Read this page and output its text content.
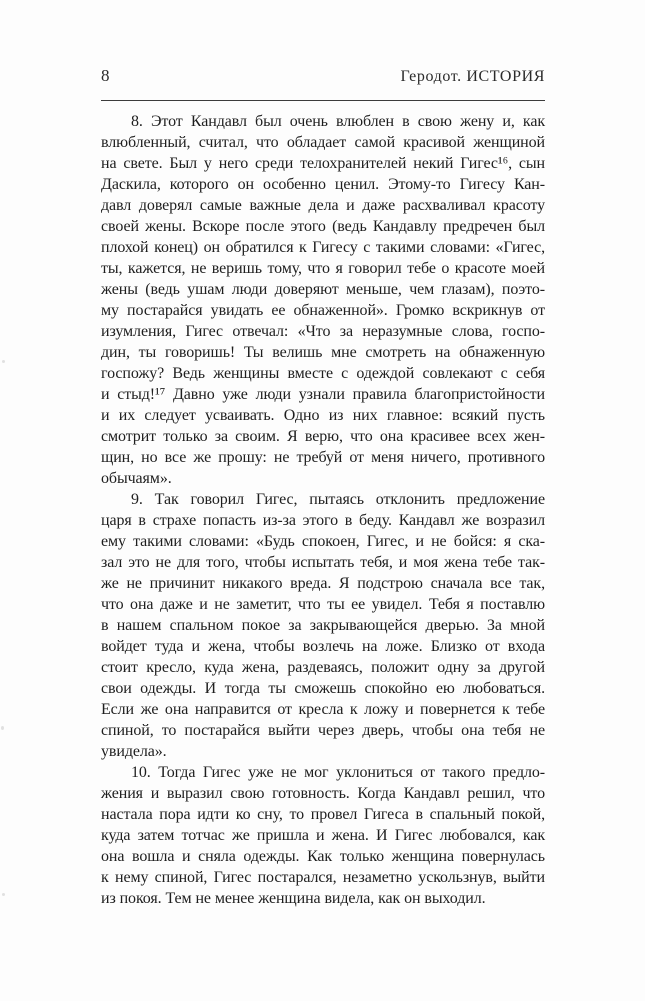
8	Геродот. ИСТОРИЯ
8. Этот Кандавл был очень влюблен в свою жену и, как
влюбленный, считал, что обладает самой красивой женщиной
на свете. Был у него среди телохранителей некий Гигес¹⁶, сын
Даскила, которого он особенно ценил. Этому-то Гигесу Кан-
давл доверял самые важные дела и даже расхваливал красоту
своей жены. Вскоре после этого (ведь Кандавлу предречен был
плохой конец) он обратился к Гигесу с такими словами: «Гигес,
ты, кажется, не веришь тому, что я говорил тебе о красоте моей
жены (ведь ушам люди доверяют меньше, чем глазам), поэто-
му постарайся увидать ее обнаженной». Громко вскрикнув от
изумления, Гигес отвечал: «Что за неразумные слова, госпо-
дин, ты говоришь! Ты велишь мне смотреть на обнаженную
госпожу? Ведь женщины вместе с одеждой совлекают с себя
и стыд!¹⁷ Давно уже люди узнали правила благопристойности
и их следует усваивать. Одно из них главное: всякий пусть
смотрит только за своим. Я верю, что она красивее всех жен-
щин, но все же прошу: не требуй от меня ничего, противного
обычаям».
9. Так говорил Гигес, пытаясь отклонить предложение
царя в страхе попасть из-за этого в беду. Кандавл же возразил
ему такими словами: «Будь спокоен, Гигес, и не бойся: я ска-
зал это не для того, чтобы испытать тебя, и моя жена тебе так-
же не причинит никакого вреда. Я подстрою сначала все так,
что она даже и не заметит, что ты ее увидел. Тебя я поставлю
в нашем спальном покое за закрывающейся дверью. За мной
войдет туда и жена, чтобы возлечь на ложе. Близко от входа
стоит кресло, куда жена, раздеваясь, положит одну за другой
свои одежды. И тогда ты сможешь спокойно ею любоваться.
Если же она направится от кресла к ложу и повернется к тебе
спиной, то постарайся выйти через дверь, чтобы она тебя не
увидела».
10. Тогда Гигес уже не мог уклониться от такого предло-
жения и выразил свою готовность. Когда Кандавл решил, что
настала пора идти ко сну, то провел Гигеса в спальный покой,
куда затем тотчас же пришла и жена. И Гигес любовался, как
она вошла и сняла одежды. Как только женщина повернулась
к нему спиной, Гигес постарался, незаметно ускользнув, выйти
из покоя. Тем не менее женщина видела, как он выходил.
